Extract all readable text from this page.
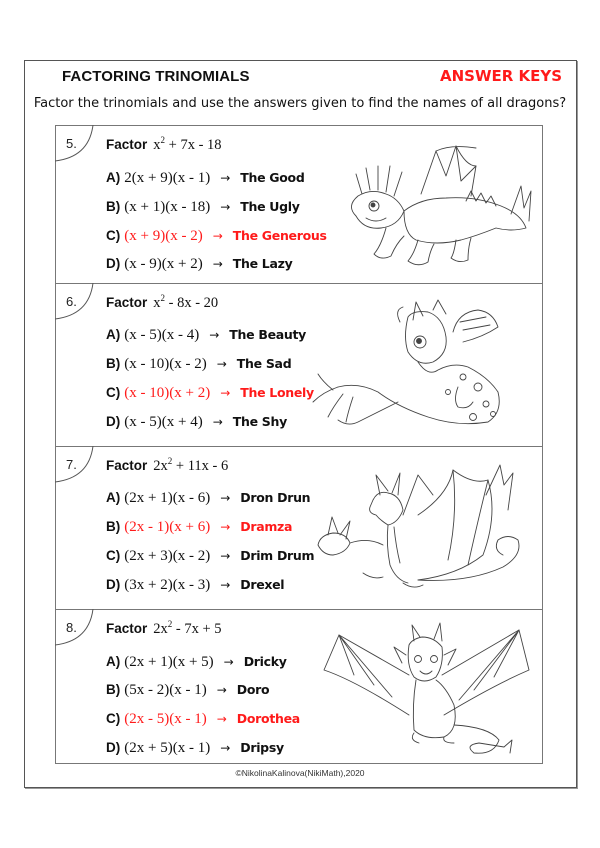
FACTORING TRINOMIALS	ANSWER KEYS
Factor the trinomials and use the answers given to find the names of all dragons?
5. Factor $x^2 + 7x - 18$
A) 2(x + 9)(x - 1) → The Good
B) (x + 1)(x - 18) → The Ugly
C) (x + 9)(x - 2) → The Generous
D) (x - 9)(x + 2) → The Lazy
6. Factor $x^2 - 8x - 20$
A) (x - 5)(x - 4) → The Beauty
B) (x - 10)(x - 2) → The Sad
C) (x - 10)(x + 2) → The Lonely
D) (x - 5)(x + 4) → The Shy
7. Factor $2x^2 + 11x - 6$
A) (2x + 1)(x - 6) → Dron Drun
B) (2x - 1)(x + 6) → Dramza
C) (2x + 3)(x - 2) → Drim Drum
D) (3x + 2)(x - 3) → Drexel
8. Factor $2x^2 - 7x + 5$
A) (2x + 1)(x + 5) → Dricky
B) (5x - 2)(x - 1) → Doro
C) (2x - 5)(x - 1) → Dorothea
D) (2x + 5)(x - 1) → Dripsy
©NikolinaKalinova(NikiMath),2020
